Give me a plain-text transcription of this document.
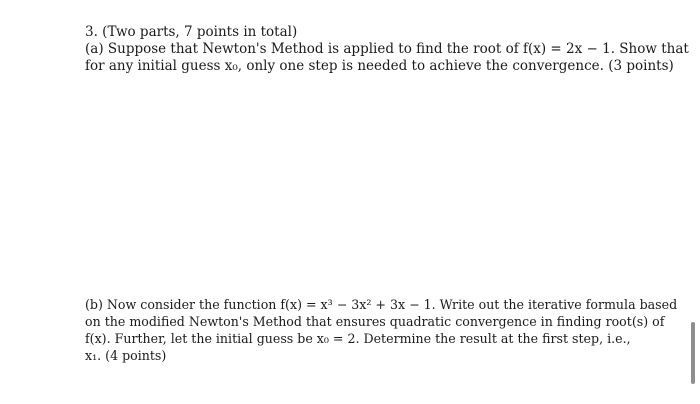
3. (Two parts, 7 points in total)
(a) Suppose that Newton's Method is applied to find the root of f(x) = 2x − 1. Show that
for any initial guess x₀, only one step is needed to achieve the convergence. (3 points)
(b) Now consider the function f(x) = x³ − 3x² + 3x − 1. Write out the iterative formula based
on the modified Newton's Method that ensures quadratic convergence in finding root(s) of
f(x). Further, let the initial guess be x₀ = 2. Determine the result at the first step, i.e.,
x₁. (4 points)
